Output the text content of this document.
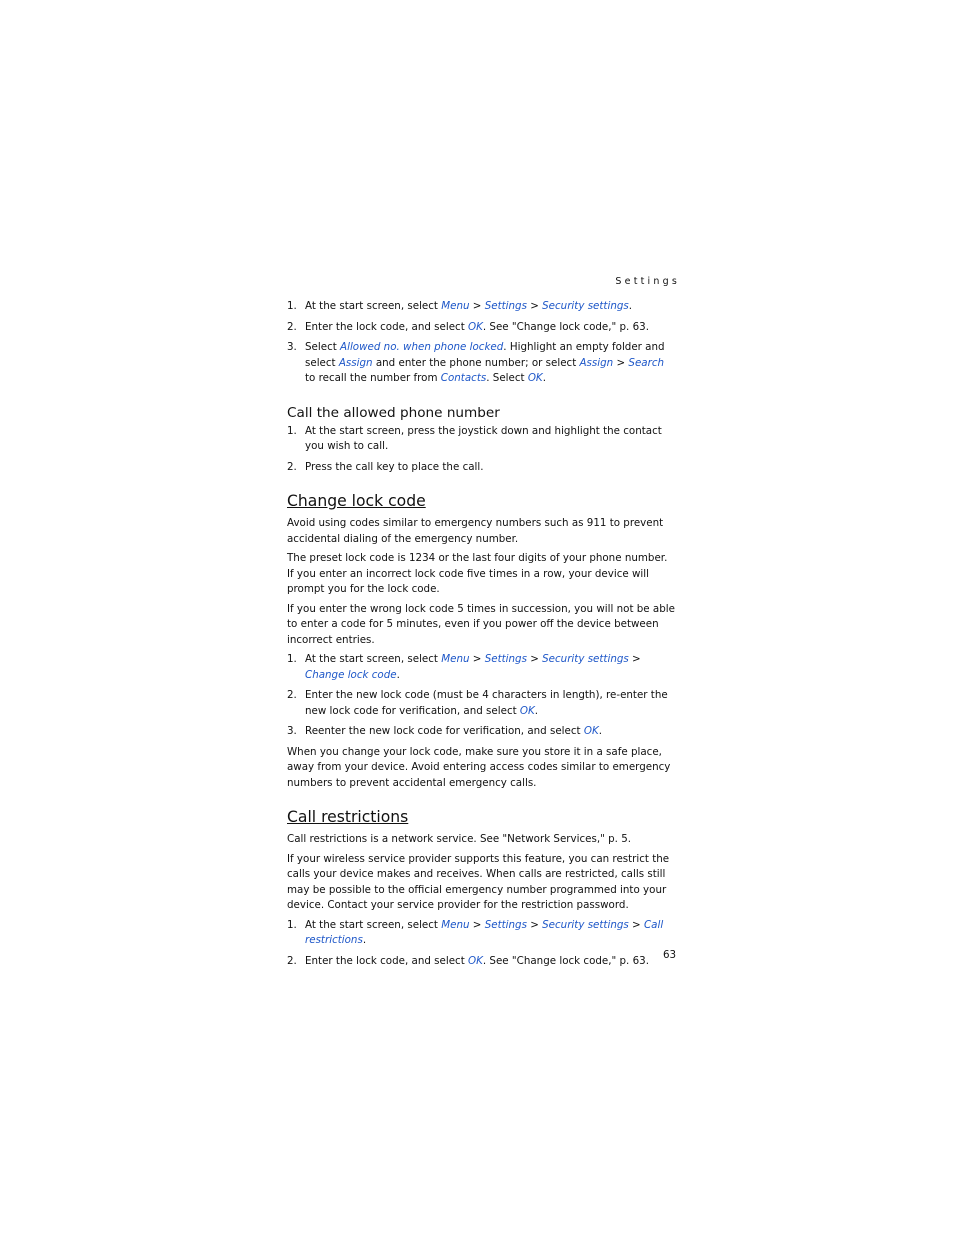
Settings
1. At the start screen, select Menu > Settings > Security settings.
2. Enter the lock code, and select OK. See "Change lock code," p. 63.
3. Select Allowed no. when phone locked. Highlight an empty folder and select Assign and enter the phone number; or select Assign > Search to recall the number from Contacts. Select OK.
Call the allowed phone number
1. At the start screen, press the joystick down and highlight the contact you wish to call.
2. Press the call key to place the call.
Change lock code

Avoid using codes similar to emergency numbers such as 911 to prevent accidental dialing of the emergency number.

The preset lock code is 1234 or the last four digits of your phone number. If you enter an incorrect lock code five times in a row, your device will prompt you for the lock code.

If you enter the wrong lock code 5 times in succession, you will not be able to enter a code for 5 minutes, even if you power off the device between incorrect entries.

1. At the start screen, select Menu > Settings > Security settings > Change lock code.
2. Enter the new lock code (must be 4 characters in length), re-enter the new lock code for verification, and select OK.
3. Reenter the new lock code for verification, and select OK.

When you change your lock code, make sure you store it in a safe place, away from your device. Avoid entering access codes similar to emergency numbers to prevent accidental emergency calls.

Call restrictions

Call restrictions is a network service. See "Network Services," p. 5.

If your wireless service provider supports this feature, you can restrict the calls your device makes and receives. When calls are restricted, calls still may be possible to the official emergency number programmed into your device. Contact your service provider for the restriction password.

1. At the start screen, select Menu > Settings > Security settings > Call restrictions.
2. Enter the lock code, and select OK. See "Change lock code," p. 63.	63
